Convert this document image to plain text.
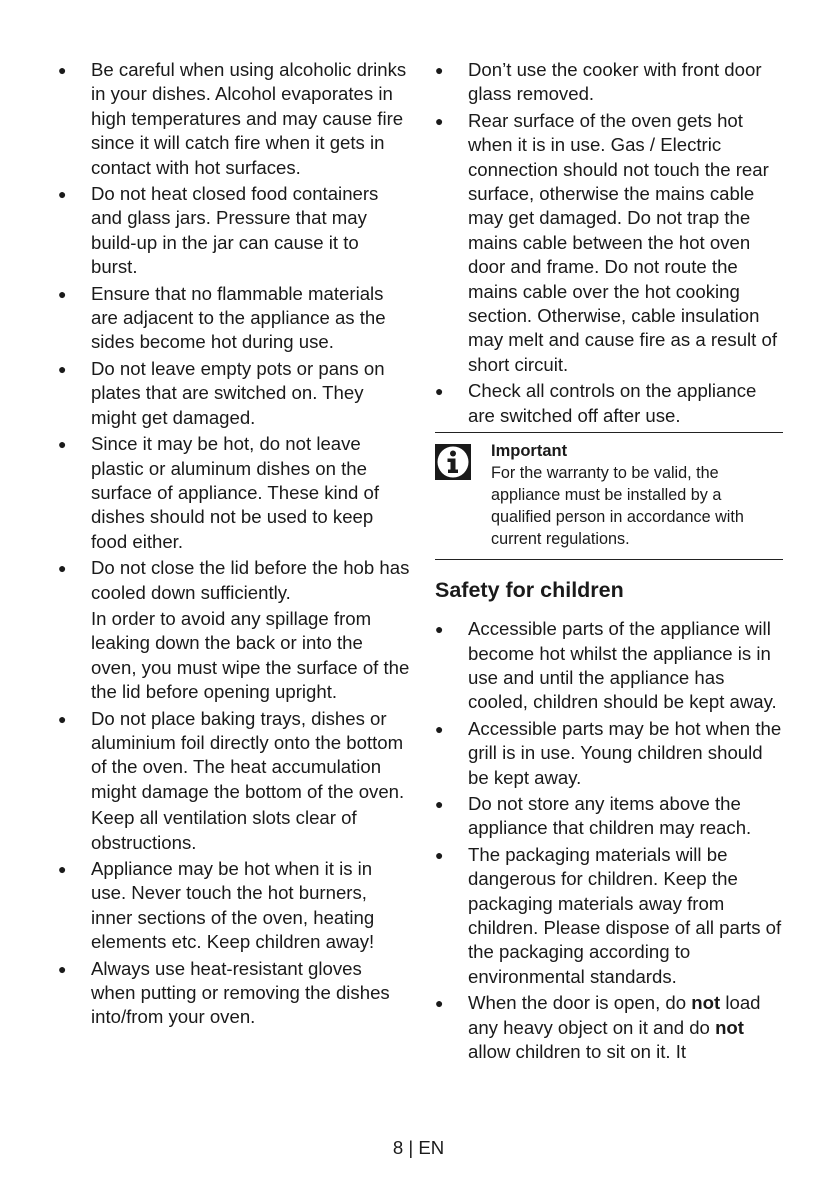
● Be careful when using alcoholic drinks in your dishes. Alcohol evaporates in high temperatures and may cause fire since it will catch fire when it gets in contact with hot surfaces.

● Do not heat closed food containers and glass jars. Pressure that may build-up in the jar can cause it to burst.

● Ensure that no flammable materials are adjacent to the appliance as the sides become hot during use.

● Do not leave empty pots or pans on plates that are switched on. They might get damaged.

● Since it may be hot, do not leave plastic or aluminum dishes on the surface of appliance. These kind of dishes should not be used to keep food either.

● Do not close the lid before the hob has cooled down sufficiently.

In order to avoid any spillage from leaking down the back or into the oven, you must wipe the surface of the the lid before opening upright.

● Do not place baking trays, dishes or aluminium foil directly onto the bottom of the oven. The heat accumulation might damage the bottom of the oven.

Keep all ventilation slots clear of obstructions.

● Appliance may be hot when it is in use. Never touch the hot burners, inner sections of the oven, heating elements etc. Keep children away!

● Always use heat-resistant gloves when putting or removing the dishes into/from your oven.

● Don’t use the cooker with front door glass removed.

● Rear surface of the oven gets hot when it is in use. Gas / Electric connection should not touch the rear surface, otherwise the mains cable may get damaged. Do not trap the mains cable between the hot oven door and frame. Do not route the mains cable over the hot cooking section. Otherwise, cable insulation may melt and cause fire as a result of short circuit.

● Check all controls on the appliance are switched off after use.

Important
For the warranty to be valid, the appliance must be installed by a qualified person in accordance with current regulations.
Safety for children
● Accessible parts of the appliance will become hot whilst the appliance is in use and until the appliance has cooled, children should be kept away.

● Accessible parts may be hot when the grill is in use. Young children should be kept away.

● Do not store any items above the appliance that children may reach.

● The packaging materials will be dangerous for children. Keep the packaging materials away from children. Please dispose of all parts of the packaging according to environmental standards.

● When the door is open, do not load any heavy object on it and do not allow children to sit on it. It

8 | EN
